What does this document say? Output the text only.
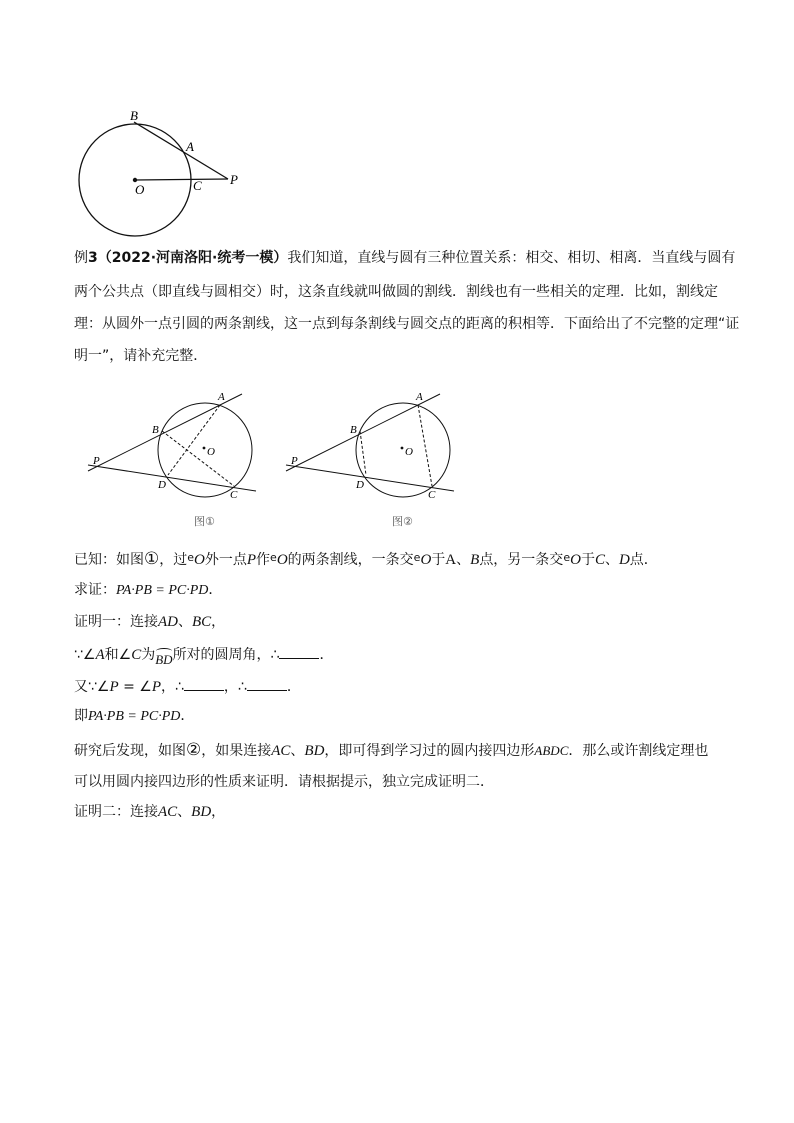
B
A
O	C P
例3（2022·河南洛阳·统考一模）我们知道，直线与圆有三种位置关系：相交、相切、相离．当直线与圆有
两个公共点（即直线与圆相交）时，这条直线就叫做圆的割线．割线也有一些相关的定理．比如，割线定
理：从圆外一点引圆的两条割线，这一点到每条割线与圆交点的距离的积相等．下面给出了不完整的定理“证
明一”，请补充完整．
A
B
O
P
D
C
图①
A
B
O
P
D
C
图②
已知：如图①，过eO外一点P作eO的两条割线，一条交eO于A、B点，另一条交eO于C、D点．
求证：PA·PB = PC·PD．
证明一：连接AD、BC，
∵∠A和∠C为BD所对的圆周角，∴	．
又∵∠P = ∠P，∴	，∴	．
即PA·PB = PC·PD．
研究后发现，如图②，如果连接AC、BD，即可得到学习过的圆内接四边形ABDC．那么或许割线定理也
可以用圆内接四边形的性质来证明．请根据提示，独立完成证明二．
证明二：连接AC、BD，
